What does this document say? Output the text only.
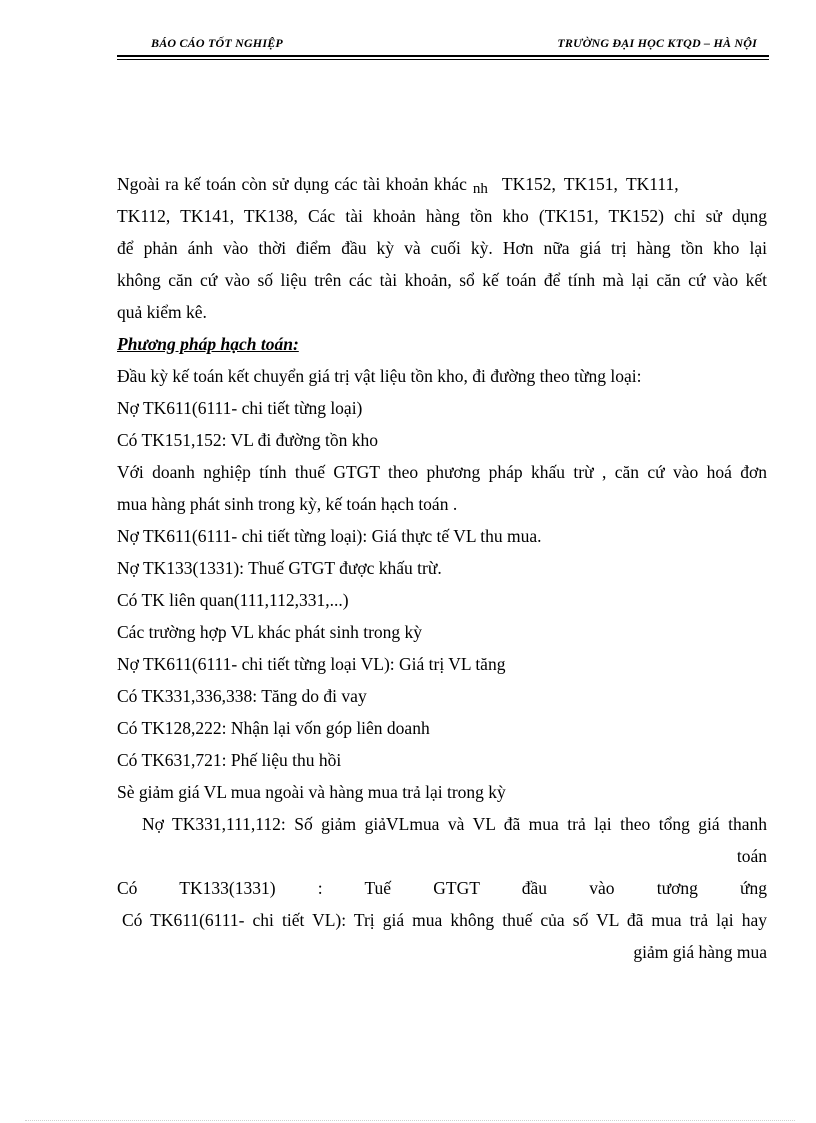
BÁO CÁO TỐT NGHIỆP	TRƯỜNG ĐẠI HỌC KTQD – HÀ NỘI
Ngoài ra kế toán còn sử dụng các tài khoản khác nh TK152, TK151, TK111,
TK112, TK141, TK138, Các tài khoản hàng tồn kho (TK151, TK152) chỉ sử dụng
để phản ánh vào thời điểm đầu kỳ và cuối kỳ. Hơn nữa giá trị hàng tồn kho lại
không căn cứ vào số liệu trên các tài khoản, sổ kế toán để tính mà lại căn cứ vào kết
quả kiểm kê.
Phương pháp hạch toán:
Đầu kỳ kế toán kết chuyển giá trị vật liệu tồn kho, đi đường theo từng loại:
Nợ TK611(6111- chi tiết từng loại)
Có TK151,152: VL đi đường tồn kho
Với doanh nghiệp tính thuế GTGT theo phương pháp khấu trừ , căn cứ vào hoá đơn
mua hàng phát sinh trong kỳ, kế toán hạch toán .
Nợ TK611(6111- chi tiết từng loại): Giá thực tế VL thu mua.
Nợ TK133(1331): Thuế GTGT được khấu trừ.
Có TK liên quan(111,112,331,...)
Các trường hợp VL khác phát sinh trong kỳ
Nợ TK611(6111- chi tiết từng loại VL): Giá trị VL tăng
Có TK331,336,338: Tăng do đi vay
Có TK128,222: Nhận lại vốn góp liên doanh
Có TK631,721: Phế liệu thu hồi
Sè giảm giá VL mua ngoài và hàng mua trả lại trong kỳ
Nợ TK331,111,112: Số giảm giảVLmua và VL đã mua trả lại theo tổng giá thanh
toán
Có TK133(1331) : Tuế GTGT đầu vào tương ứng
Có TK611(6111- chi tiết VL): Trị giá mua không thuế của số VL đã mua trả lại hay
giảm giá hàng mua
